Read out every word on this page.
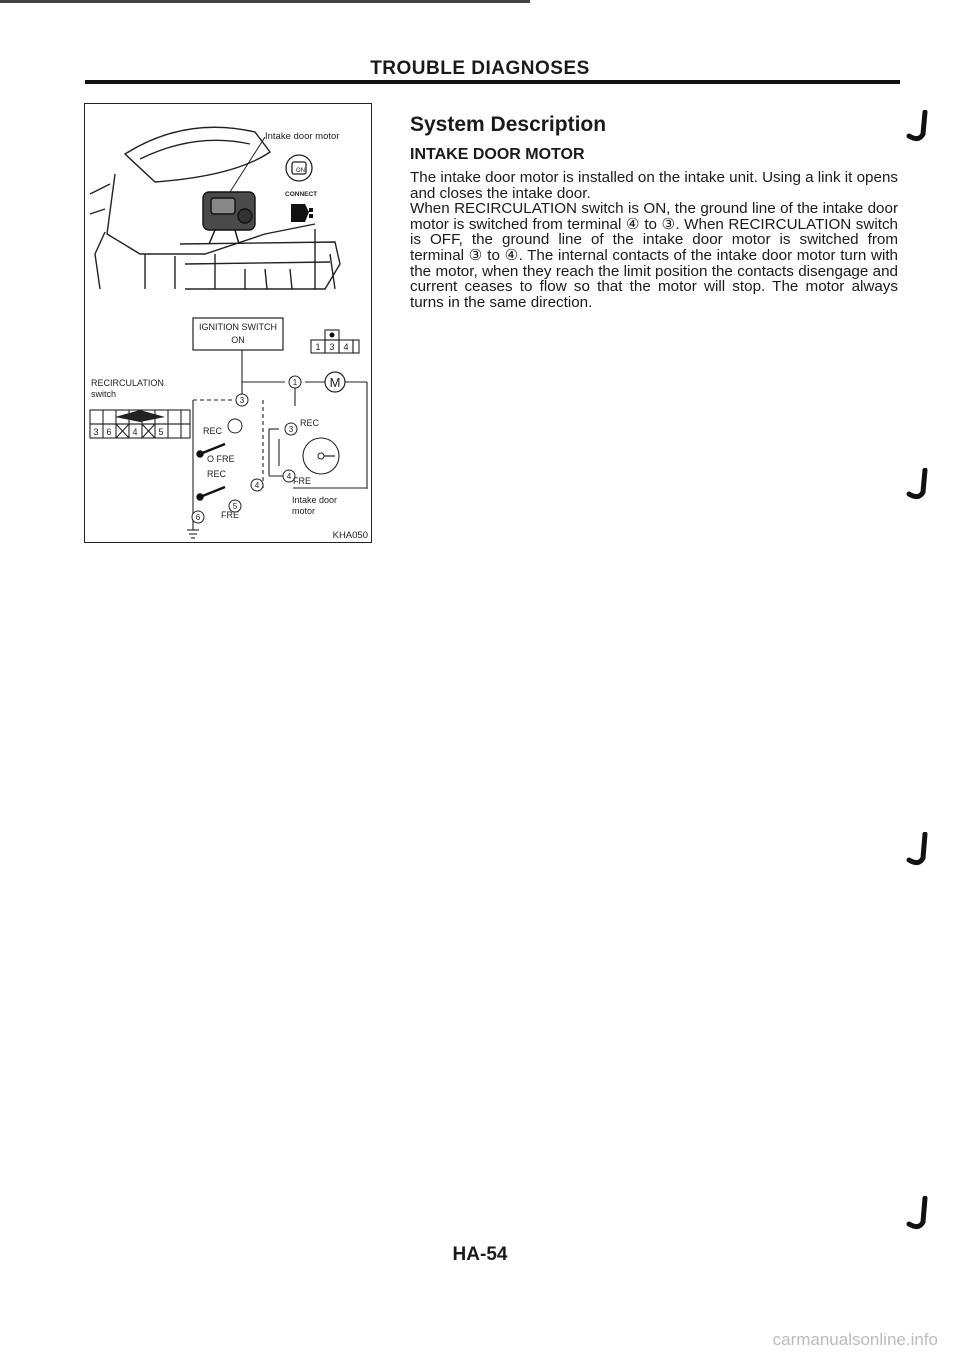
TROUBLE DIAGNOSES
Intake door motor
ON
CONNECT
IGNITION SWITCH
ON
1 3 4
RECIRCULATION
switch
3 6 4 5
M
1
3
3
4
4
5
6
REC
O FRE
REC
FRE
REC
FRE
Intake door
motor
KHA050
System Description
INTAKE DOOR MOTOR

The intake door motor is installed on the intake unit. Using a link it opens and closes the intake door.

When RECIRCULATION switch is ON, the ground line of the intake door motor is switched from terminal ④ to ③. When RECIRCULATION switch is OFF, the ground line of the intake door motor is switched from terminal ③ to ④. The internal contacts of the intake door motor turn with the motor, when they reach the limit position the contacts disengage and current ceases to flow so that the motor will stop. The motor always turns in the same direction.

HA-54
carmanualsonline.info
